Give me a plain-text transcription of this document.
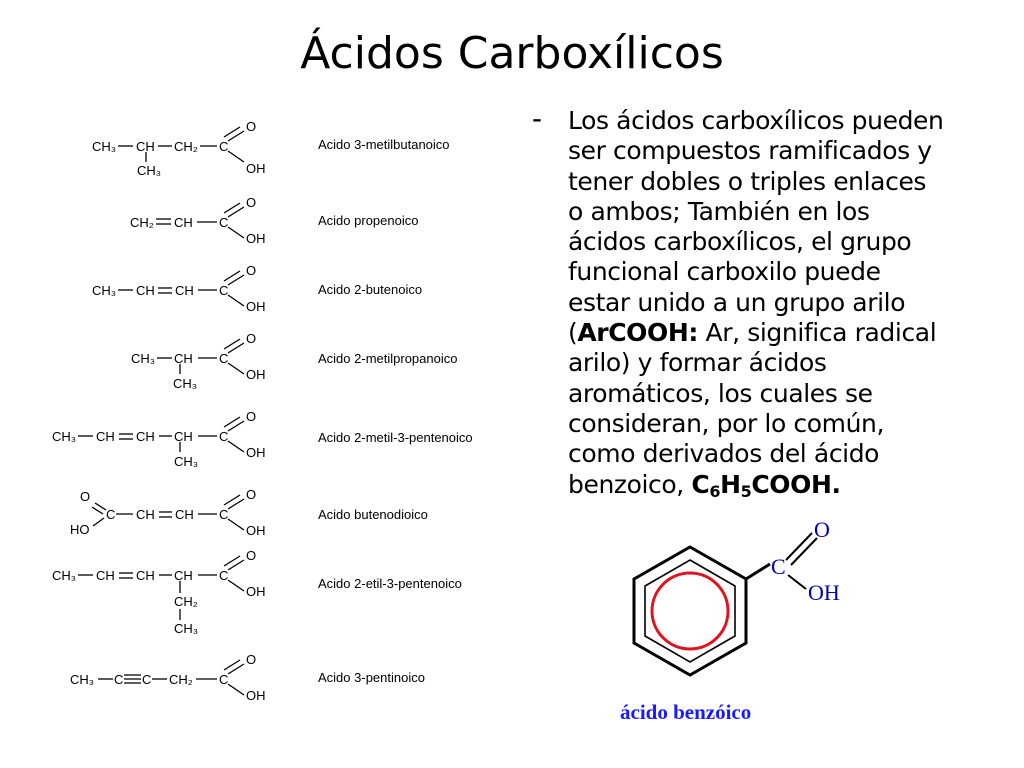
Ácidos Carboxílicos
- Los ácidos carboxílicos pueden
ser compuestos ramificados y
tener dobles o triples enlaces
o ambos; También en los
ácidos carboxílicos, el grupo
funcional carboxilo puede
estar unido a un grupo arilo
(ArCOOH: Ar, significa radical
arilo) y formar ácidos
aromáticos, los cuales se
consideran, por lo común,
como derivados del ácido
benzoico, $C_6H_5COOH$.
CH₃ CH CH₂ C
CH₃
O
OH
Acido 3-metilbutanoico
CH₂ CH C
O
OH
Acido propenoico
CH₃ CH CH C
O
OH
Acido 2-butenoico
CH₃ CH C
CH₃
O
OH
Acido 2-metilpropanoico
CH₃ CH CH CH C
CH₃
O
OH
Acido 2-metil-3-pentenoico
O
HO
C CH CH C
O
OH
Acido butenodioico
CH₃ CH CH CH C
CH₂
CH₃
O
OH
Acido 2-etil-3-pentenoico
CH₃ C C CH₂ C
O
OH
Acido 3-pentinoico
C
O
OH
ácido benzóico
